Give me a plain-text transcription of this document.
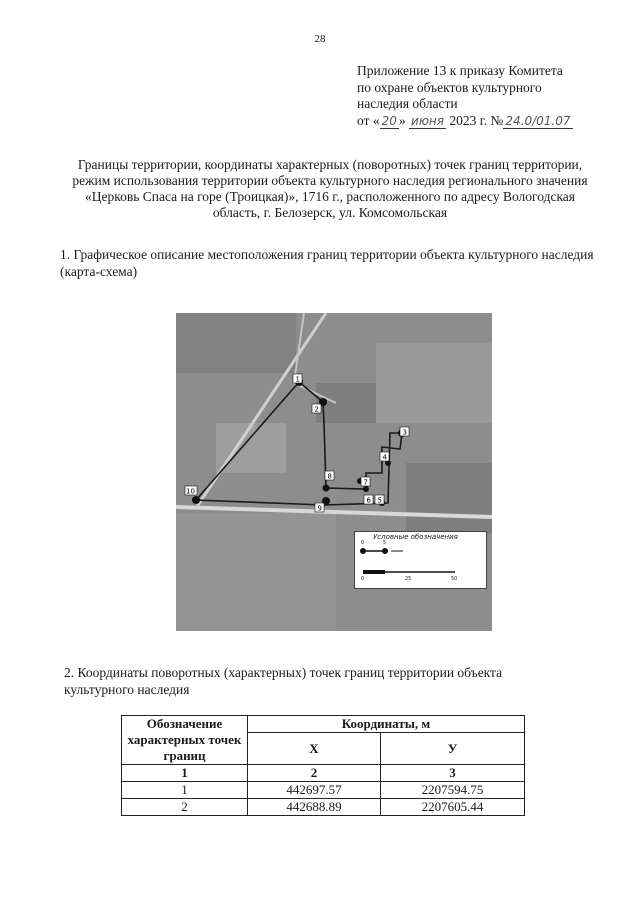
28
Приложение 13 к приказу Комитета
по охране объектов культурного
наследия области
от « 20 » июня 2023 г. № 24.0/01.07
Границы территории, координаты характерных (поворотных) точек границ территории, режим использования территории объекта культурного наследия регионального значения «Церковь Спаса на горе (Троицкая)», 1716 г., расположенного по адресу Вологодская область, г. Белозерск, ул. Комсомольская
1. Графическое описание местоположения границ территории объекта культурного наследия (карта-схема)
1
2
3
4
5
6
7
8
9
10
Условные обозначения
0	5
0	25	50
2. Координаты поворотных (характерных) точек границ территории объекта культурного наследия
Обозначение характерных точек границ	Координаты, м	
	X	У
1	2	3
1	442697.57	2207594.75
2	442688.89	2207605.44
